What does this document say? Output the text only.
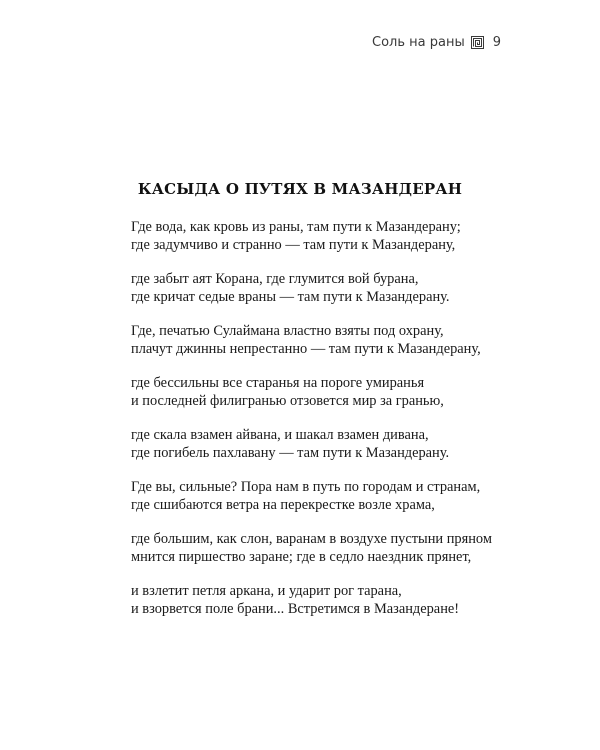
Соль на раны 9
КАСЫДА О ПУТЯХ В МАЗАНДЕРАН
Где вода, как кровь из раны, там пути к Мазандерану;
где задумчиво и странно — там пути к Мазандерану,
где забыт аят Корана, где глумится вой бурана,
где кричат седые враны — там пути к Мазандерану.
Где, печатью Сулаймана властно взяты под охрану,
плачут джинны непрестанно — там пути к Мазандерану,
где бессильны все старанья на пороге умиранья
и последней филигранью отзовется мир за гранью,
где скала взамен айвана, и шакал взамен дивана,
где погибель пахлавану — там пути к Мазандерану.
Где вы, сильные? Пора нам в путь по городам и странам,
где сшибаются ветра на перекрестке возле храма,
где большим, как слон, варанам в воздухе пустыни пряном
мнится пиршество заране; где в седло наездник прянет,
и взлетит петля аркана, и ударит рог тарана,
и взорвется поле брани... Встретимся в Мазандеране!
